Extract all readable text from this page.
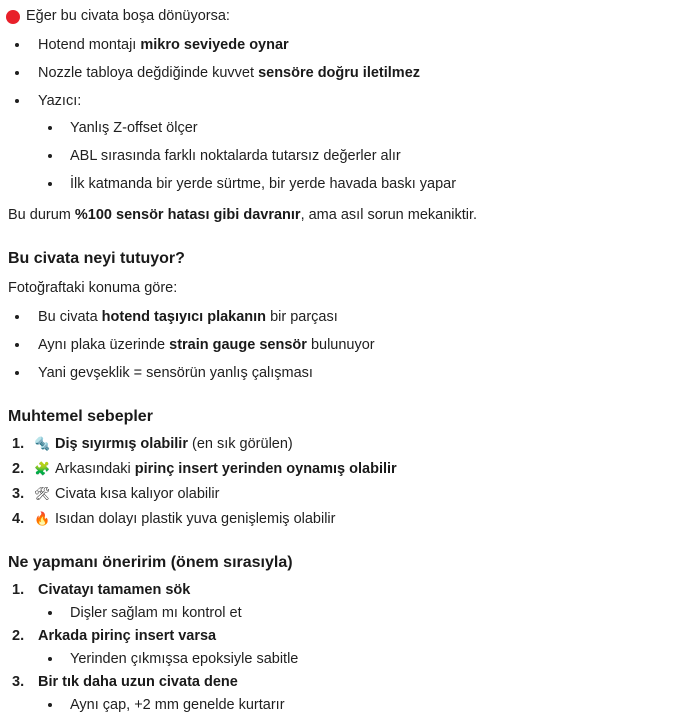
Eğer bu civata boşa dönüyorsa:
Hotend montajı mikro seviyede oynar
Nozzle tabloya değdiğinde kuvvet sensöre doğru iletilmez
Yazıcı:
Yanlış Z-offset ölçer
ABL sırasında farklı noktalarda tutarsız değerler alır
İlk katmanda bir yerde sürtme, bir yerde havada baskı yapar

Bu durum %100 sensör hatası gibi davranır, ama asıl sorun mekaniktir.

Bu civata neyi tutuyor?

Fotoğraftaki konuma göre:

Bu civata hotend taşıyıcı plakanın bir parçası
Aynı plaka üzerinde strain gauge sensör bulunuyor
Yani gevşeklik = sensörün yanlış çalışması
Muhtemel sebepler
1. 🔩 Diş sıyırmış olabilir (en sık görülen)
2. 🧩 Arkasındaki pirinç insert yerinden oynamış olabilir
3. 🛠 Civata kısa kalıyor olabilir
4. 🔥 Isıdan dolayı plastik yuva genişlemiş olabilir
Ne yapmanı öneririm (önem sırasıyla)
1. Civatayı tamamen sök
Dişler sağlam mı kontrol et
2. Arkada pirinç insert varsa
Yerinden çıkmışsa epoksiyle sabitle
3. Bir tık daha uzun civata dene
Aynı çap, +2 mm genelde kurtarır
